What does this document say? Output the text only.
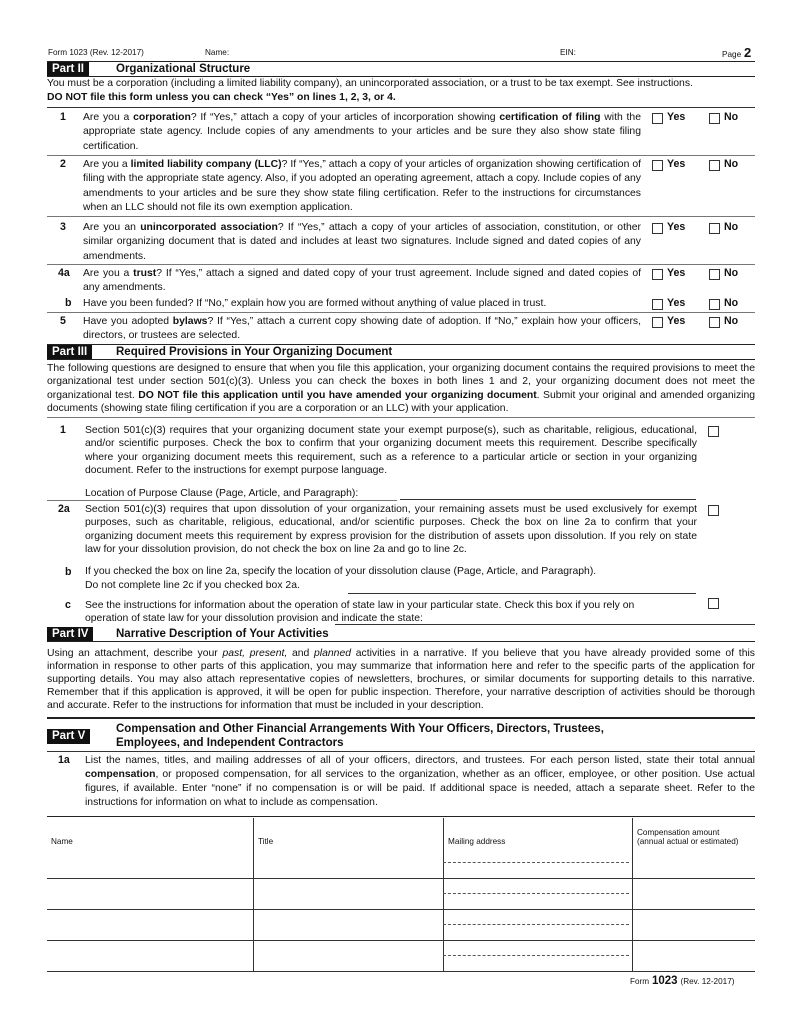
Form 1023 (Rev. 12-2017)	Name:	EIN:	Page 2
Part II	Organizational Structure
You must be a corporation (including a limited liability company), an unincorporated association, or a trust to be tax exempt. See instructions. DO NOT file this form unless you can check “Yes” on lines 1, 2, 3, or 4.
1 Are you a corporation? If “Yes,” attach a copy of your articles of incorporation showing certification of filing with the appropriate state agency. Include copies of any amendments to your articles and be sure they also show state filing certification.
Yes	No
2 Are you a limited liability company (LLC)? If “Yes,” attach a copy of your articles of organization showing certification of filing with the appropriate state agency. Also, if you adopted an operating agreement, attach a copy. Include copies of any amendments to your articles and be sure they show state filing certification. Refer to the instructions for circumstances when an LLC should not file its own exemption application.
Yes	No
3 Are you an unincorporated association? If “Yes,” attach a copy of your articles of association, constitution, or other similar organizing document that is dated and includes at least two signatures. Include signed and dated copies of any amendments.
Yes	No
4a Are you a trust? If “Yes,” attach a signed and dated copy of your trust agreement. Include signed and dated copies of any amendments.
Yes	No
b Have you been funded? If “No,” explain how you are formed without anything of value placed in trust.	Yes	No
5 Have you adopted bylaws? If “Yes,” attach a current copy showing date of adoption. If “No,” explain how your officers, directors, or trustees are selected.
Yes	No
Part III	Required Provisions in Your Organizing Document
The following questions are designed to ensure that when you file this application, your organizing document contains the required provisions to meet the organizational test under section 501(c)(3). Unless you can check the boxes in both lines 1 and 2, your organizing document does not meet the organizational test. DO NOT file this application until you have amended your organizing document. Submit your original and amended organizing documents (showing state filing certification if you are a corporation or an LLC) with your application.
1 Section 501(c)(3) requires that your organizing document state your exempt purpose(s), such as charitable, religious, educational, and/or scientific purposes. Check the box to confirm that your organizing document meets this requirement. Describe specifically where your organizing document meets this requirement, such as a reference to a particular article or section in your organizing document. Refer to the instructions for exempt purpose language.
Location of Purpose Clause (Page, Article, and Paragraph):
2a Section 501(c)(3) requires that upon dissolution of your organization, your remaining assets must be used exclusively for exempt purposes, such as charitable, religious, educational, and/or scientific purposes. Check the box on line 2a to confirm that your organizing document meets this requirement by express provision for the distribution of assets upon dissolution. If you rely on state law for your dissolution provision, do not check the box on line 2a and go to line 2c.
b If you checked the box on line 2a, specify the location of your dissolution clause (Page, Article, and Paragraph).
Do not complete line 2c if you checked box 2a.
c See the instructions for information about the operation of state law in your particular state. Check this box if you rely on operation of state law for your dissolution provision and indicate the state:
Part IV	Narrative Description of Your Activities
Using an attachment, describe your past, present, and planned activities in a narrative. If you believe that you have already provided some of this information in response to other parts of this application, you may summarize that information here and refer to the specific parts of the application for supporting details. You may also attach representative copies of newsletters, brochures, or similar documents for supporting details to this narrative. Remember that if this application is approved, it will be open for public inspection. Therefore, your narrative description of activities should be thorough and accurate. Refer to the instructions for information that must be included in your description.
Part V
Compensation and Other Financial Arrangements With Your Officers, Directors, Trustees,
Employees, and Independent Contractors
1a List the names, titles, and mailing addresses of all of your officers, directors, and trustees. For each person listed, state their total annual compensation, or proposed compensation, for all services to the organization, whether as an officer, employee, or other position. Use actual figures, if available. Enter “none” if no compensation is or will be paid. If additional space is needed, attach a separate sheet. Refer to the instructions for information on what to include as compensation.
Name	Title	Mailing address	Compensation amount
(annual actual or estimated)

Form 1023 (Rev. 12-2017)
